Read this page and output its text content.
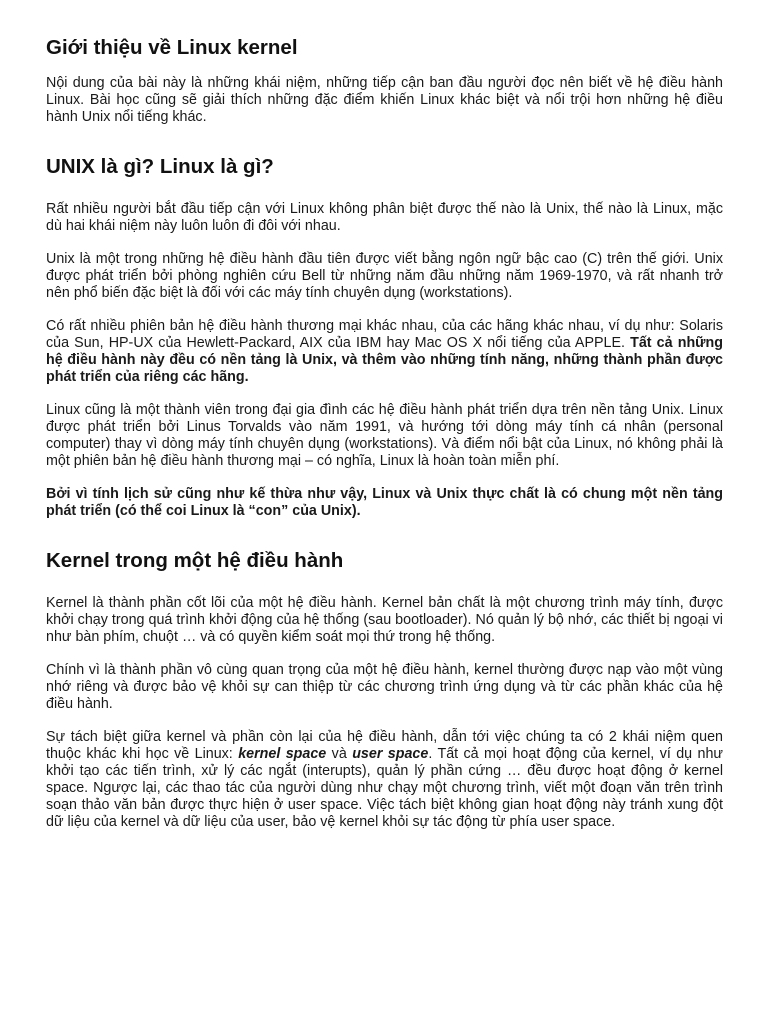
Giới thiệu về Linux kernel

Nội dung của bài này là những khái niệm, những tiếp cận ban đầu người đọc nên biết về hệ điều hành Linux. Bài học cũng sẽ giải thích những đặc điểm khiến Linux khác biệt và nổi trội hơn những hệ điều hành Unix nổi tiếng khác.

UNIX là gì? Linux là gì?

Rất nhiều người bắt đầu tiếp cận với Linux không phân biệt được thế nào là Unix, thế nào là Linux, mặc dù hai khái niệm này luôn luôn đi đôi với nhau.

Unix là một trong những hệ điều hành đầu tiên được viết bằng ngôn ngữ bậc cao (C) trên thế giới. Unix được phát triển bởi phòng nghiên cứu Bell từ những năm đầu những năm 1969-1970, và rất nhanh trở nên phổ biến đặc biệt là đối với các máy tính chuyên dụng (workstations).

Có rất nhiều phiên bản hệ điều hành thương mại khác nhau, của các hãng khác nhau, ví dụ như: Solaris của Sun, HP-UX của Hewlett-Packard, AIX của IBM hay Mac OS X nổi tiếng của APPLE. Tất cả những hệ điều hành này đều có nền tảng là Unix, và thêm vào những tính năng, những thành phần được phát triển của riêng các hãng.

Linux cũng là một thành viên trong đại gia đình các hệ điều hành phát triển dựa trên nền tảng Unix. Linux được phát triển bởi Linus Torvalds vào năm 1991, và hướng tới dòng máy tính cá nhân (personal computer) thay vì dòng máy tính chuyên dụng (workstations). Và điểm nổi bật của Linux, nó không phải là một phiên bản hệ điều hành thương mại – có nghĩa, Linux là hoàn toàn miễn phí.

Bởi vì tính lịch sử cũng như kế thừa như vậy, Linux và Unix thực chất là có chung một nền tảng phát triển (có thể coi Linux là “con” của Unix).

Kernel trong một hệ điều hành

Kernel là thành phần cốt lõi của một hệ điều hành. Kernel bản chất là một chương trình máy tính, được khởi chạy trong quá trình khởi động của hệ thống (sau bootloader). Nó quản lý bộ nhớ, các thiết bị ngoại vi như bàn phím, chuột … và có quyền kiểm soát mọi thứ trong hệ thống.

Chính vì là thành phần vô cùng quan trọng của một hệ điều hành, kernel thường được nạp vào một vùng nhớ riêng và được bảo vệ khỏi sự can thiệp từ các chương trình ứng dụng và từ các phần khác của hệ điều hành.

Sự tách biệt giữa kernel và phần còn lại của hệ điều hành, dẫn tới việc chúng ta có 2 khái niệm quen thuộc khác khi học về Linux: kernel space và user space. Tất cả mọi hoạt động của kernel, ví dụ như khởi tạo các tiến trình, xử lý các ngắt (interupts), quản lý phần cứng … đều được hoạt động ở kernel space. Ngược lại, các thao tác của người dùng như chạy một chương trình, viết một đoạn văn trên trình soạn thảo văn bản được thực hiện ở user space. Việc tách biệt không gian hoạt động này tránh xung đột dữ liệu của kernel và dữ liệu của user, bảo vệ kernel khỏi sự tác động từ phía user space.
